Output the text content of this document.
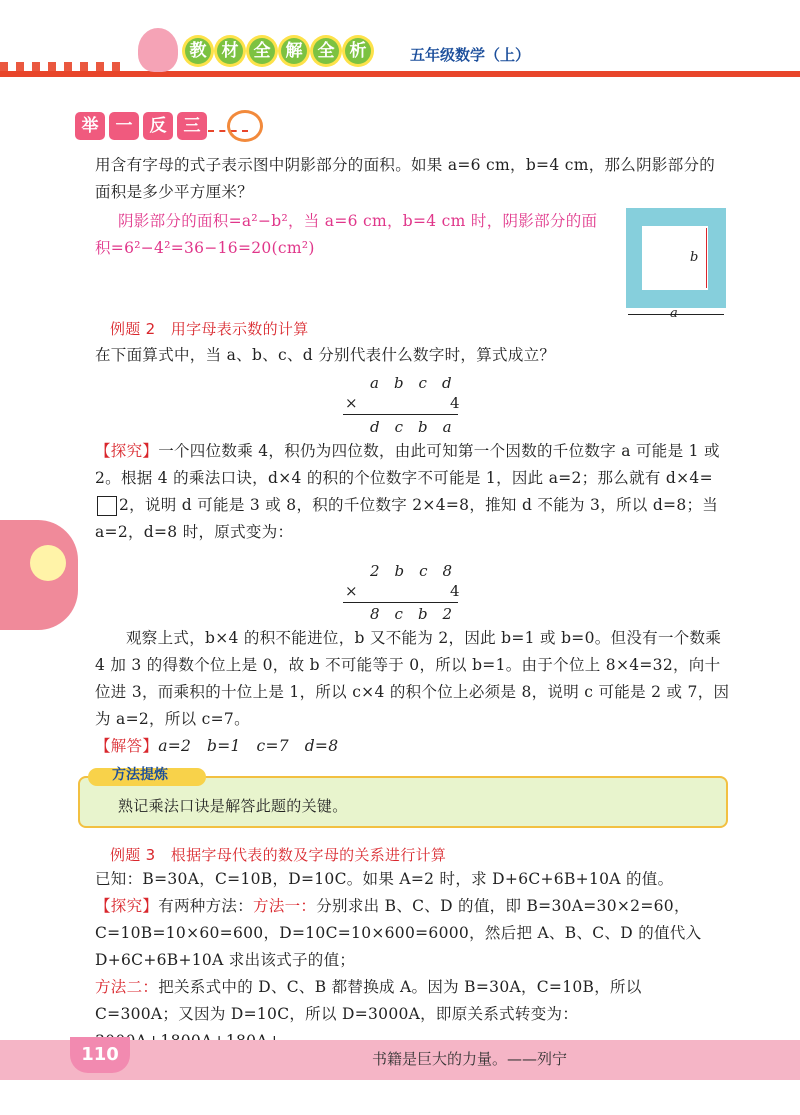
教 材 全 解 全 析	五年级数学（上）
举	一	反	三
用含有字母的式子表示图中阴影部分的面积。如果 a=6 cm，b=4 cm，那么阴影部分的面积是多少平方厘米？
阴影部分的面积=a²−b²，当 a=6 cm，b=4 cm 时，阴影部分的面
积=6²−4²=36−16=20(cm²)
b
a
例题 2　用字母表示数的计算
在下面算式中，当 a、b、c、d 分别代表什么数字时，算式成立？
a　b　c　d
×	4
d　c　b　a
【探究】一个四位数乘 4，积仍为四位数，由此可知第一个因数的千位数字 a 可能是 1 或 2。根据 4 的乘法口诀，d×4 的积的个位数字不可能是 1，因此 a=2；那么就有 d×4=2，说明 d 可能是 3 或 8，积的千位数字 2×4=8，推知 d 不能为 3，所以 d=8；当 a=2，d=8 时，原式变为：
2　b　c　8
×	4
8　c　b　2
观察上式，b×4 的积不能进位，b 又不能为 2，因此 b=1 或 b=0。但没有一个数乘 4 加 3 的得数个位上是 0，故 b 不可能等于 0，所以 b=1。由于个位上 8×4=32，向十位进 3，而乘积的十位上是 1，所以 c×4 的积个位上必须是 8，说明 c 可能是 2 或 7，因为 a=2，所以 c=7。
【解答】a=2　b=1　c=7　d=8
方法提炼
熟记乘法口诀是解答此题的关键。
例题 3　根据字母代表的数及字母的关系进行计算
已知：B=30A，C=10B，D=10C。如果 A=2 时，求 D+6C+6B+10A 的值。
【探究】有两种方法：方法一：分别求出 B、C、D 的值，即 B=30A=30×2=60，C=10B=10×60=600，D=10C=10×600=6000，然后把 A、B、C、D 的值代入 D+6C+6B+10A 求出该式子的值；
方法二：把关系式中的 D、C、B 都替换成 A。因为 B=30A，C=10B，所以 C=300A；又因为 D=10C，所以 D=3000A，即原关系式转变为：
110	书籍是巨大的力量。——列宁
